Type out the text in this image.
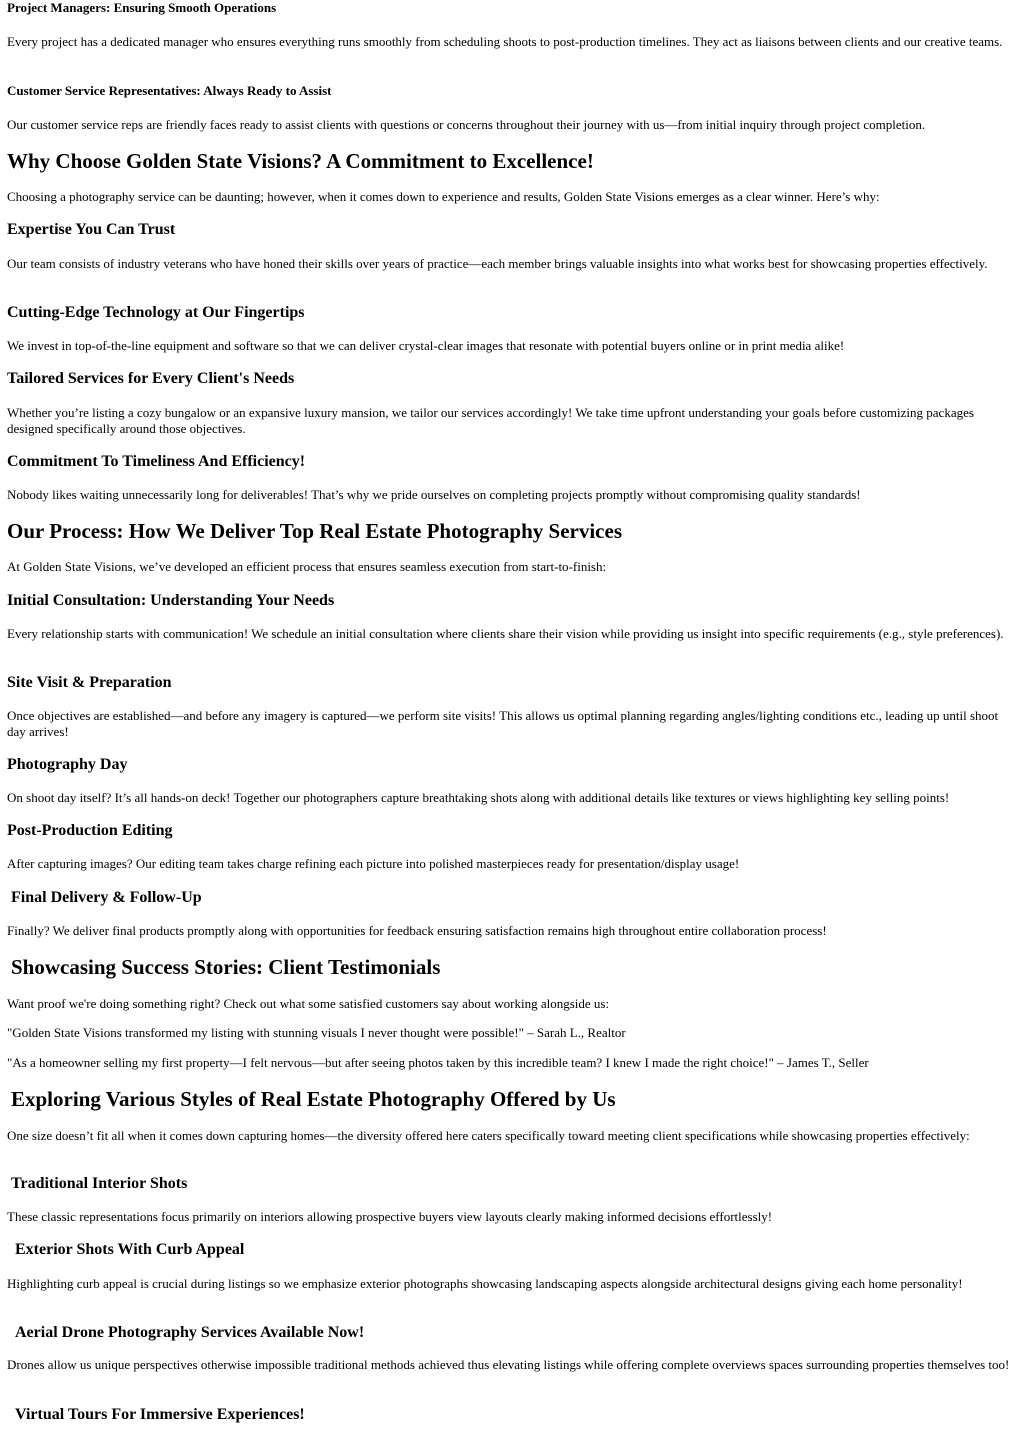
Project Managers: Ensuring Smooth Operations

Every project has a dedicated manager who ensures everything runs smoothly from scheduling shoots to post-production timelines. They act as liaisons between clients and our creative teams.

Customer Service Representatives: Always Ready to Assist

Our customer service reps are friendly faces ready to assist clients with questions or concerns throughout their journey with us—from initial inquiry through project completion.

Why Choose Golden State Visions? A Commitment to Excellence!

Choosing a photography service can be daunting; however, when it comes down to experience and results, Golden State Visions emerges as a clear winner. Here’s why:

Expertise You Can Trust

Our team consists of industry veterans who have honed their skills over years of practice—each member brings valuable insights into what works best for showcasing properties effectively.

Cutting-Edge Technology at Our Fingertips

We invest in top-of-the-line equipment and software so that we can deliver crystal-clear images that resonate with potential buyers online or in print media alike!

Tailored Services for Every Client's Needs

Whether you’re listing a cozy bungalow or an expansive luxury mansion, we tailor our services accordingly! We take time upfront understanding your goals before customizing packages designed specifically around those objectives.

Commitment To Timeliness And Efficiency!

Nobody likes waiting unnecessarily long for deliverables! That’s why we pride ourselves on completing projects promptly without compromising quality standards!

Our Process: How We Deliver Top Real Estate Photography Services

At Golden State Visions, we’ve developed an efficient process that ensures seamless execution from start-to-finish:

Initial Consultation: Understanding Your Needs

Every relationship starts with communication! We schedule an initial consultation where clients share their vision while providing us insight into specific requirements (e.g., style preferences).

Site Visit & Preparation

Once objectives are established—and before any imagery is captured—we perform site visits! This allows us optimal planning regarding angles/lighting conditions etc., leading up until shoot day arrives!

Photography Day

On shoot day itself? It’s all hands-on deck! Together our photographers capture breathtaking shots along with additional details like textures or views highlighting key selling points!

Post-Production Editing

After capturing images? Our editing team takes charge refining each picture into polished masterpieces ready for presentation/display usage!

Final Delivery & Follow-Up

Finally? We deliver final products promptly along with opportunities for feedback ensuring satisfaction remains high throughout entire collaboration process!

Showcasing Success Stories: Client Testimonials

Want proof we're doing something right? Check out what some satisfied customers say about working alongside us:

"Golden State Visions transformed my listing with stunning visuals I never thought were possible!" – Sarah L., Realtor

"As a homeowner selling my first property—I felt nervous—but after seeing photos taken by this incredible team? I knew I made the right choice!" – James T., Seller

Exploring Various Styles of Real Estate Photography Offered by Us

One size doesn’t fit all when it comes down capturing homes—the diversity offered here caters specifically toward meeting client specifications while showcasing properties effectively:

Traditional Interior Shots

These classic representations focus primarily on interiors allowing prospective buyers view layouts clearly making informed decisions effortlessly!

Exterior Shots With Curb Appeal

Highlighting curb appeal is crucial during listings so we emphasize exterior photographs showcasing landscaping aspects alongside architectural designs giving each home personality!

Aerial Drone Photography Services Available Now!

Drones allow us unique perspectives otherwise impossible traditional methods achieved thus elevating listings while offering complete overviews spaces surrounding properties themselves too!

Virtual Tours For Immersive Experiences!
